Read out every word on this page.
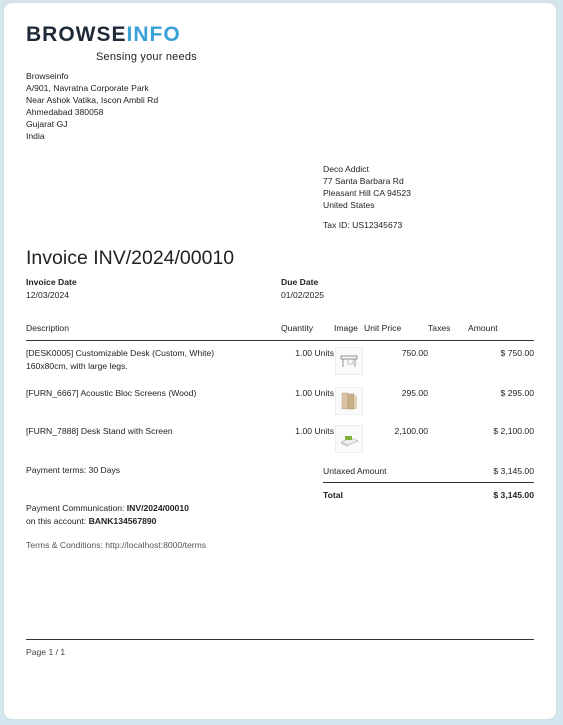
BROWSEINFO
Sensing your needs
Browseinfo
A/901, Navratna Corporate Park
Near Ashok Vatika, Iscon Ambli Rd
Ahmedabad 380058
Gujarat GJ
India
Deco Addict
77 Santa Barbara Rd
Pleasant Hill CA 94523
United States
Tax ID: US12345673
Invoice INV/2024/00010
Invoice Date
12/03/2024
Due Date
01/02/2025
Description	Quantity	Image	Unit Price	Taxes	Amount

[DESK0005] Customizable Desk (Custom, White)
160x80cm, with large legs.	1.00 Units		750.00		$ 750.00

[FURN_6667] Acoustic Bloc Screens (Wood)	1.00 Units		295.00		$ 295.00

[FURN_7888] Desk Stand with Screen	1.00 Units		2,100.00		$ 2,100.00
Payment terms: 30 Days	Untaxed Amount	$ 3,145.00
Total	$ 3,145.00
Payment Communication: INV/2024/00010
on this account: BANK134567890
Terms & Conditions: http://localhost:8000/terms
Page 1 / 1
